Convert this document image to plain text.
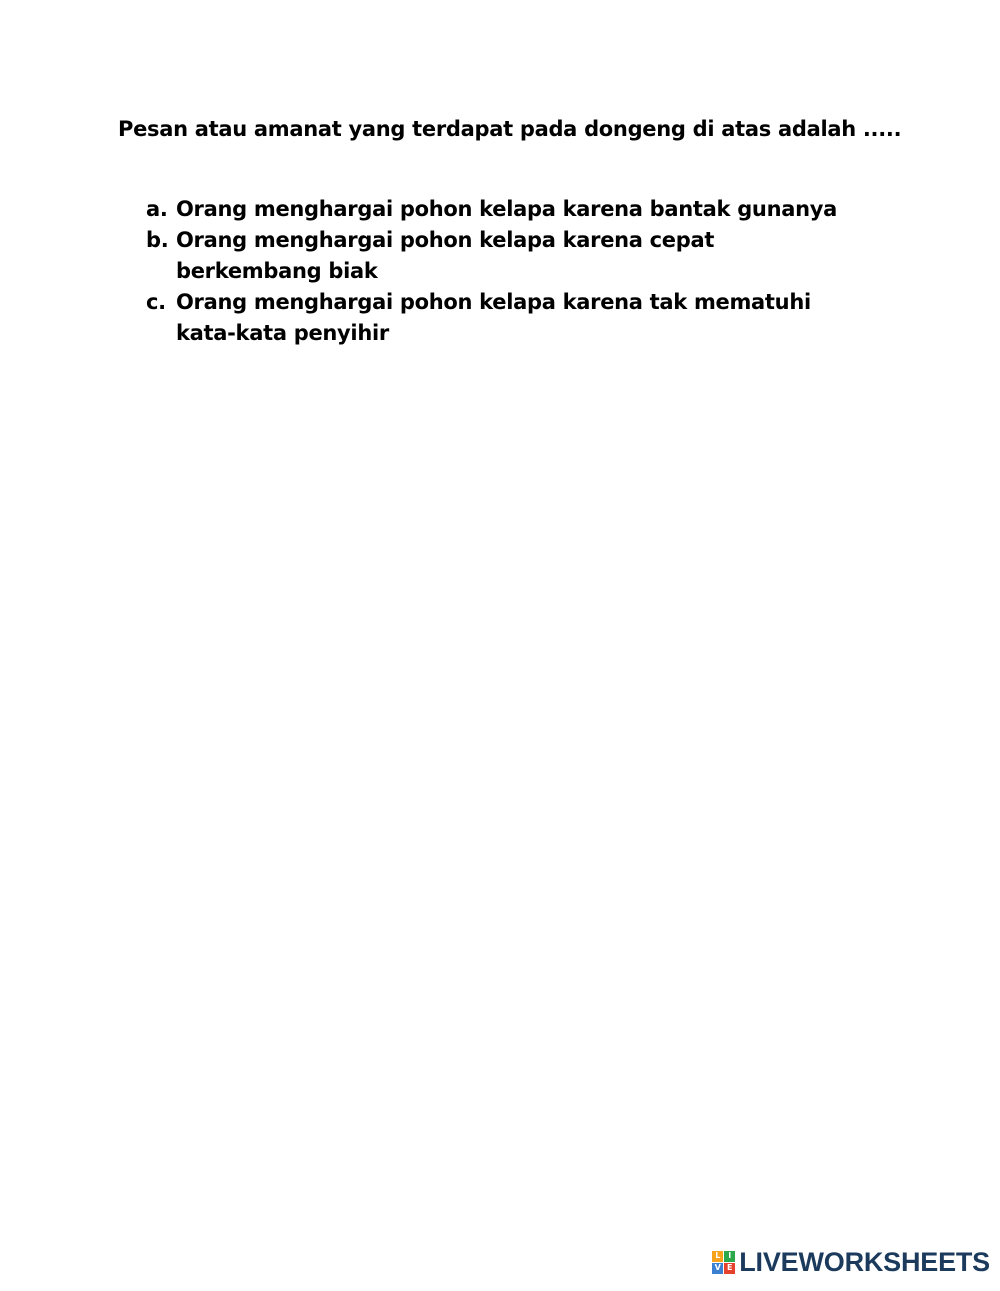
Pesan atau amanat yang terdapat pada dongeng di atas adalah .....

a. Orang menghargai pohon kelapa karena bantak gunanya
b. Orang menghargai pohon kelapa karena cepat berkembang biak
c. Orang menghargai pohon kelapa karena tak mematuhi kata-kata penyihir
L I
V E LIVEWORKSHEETS
